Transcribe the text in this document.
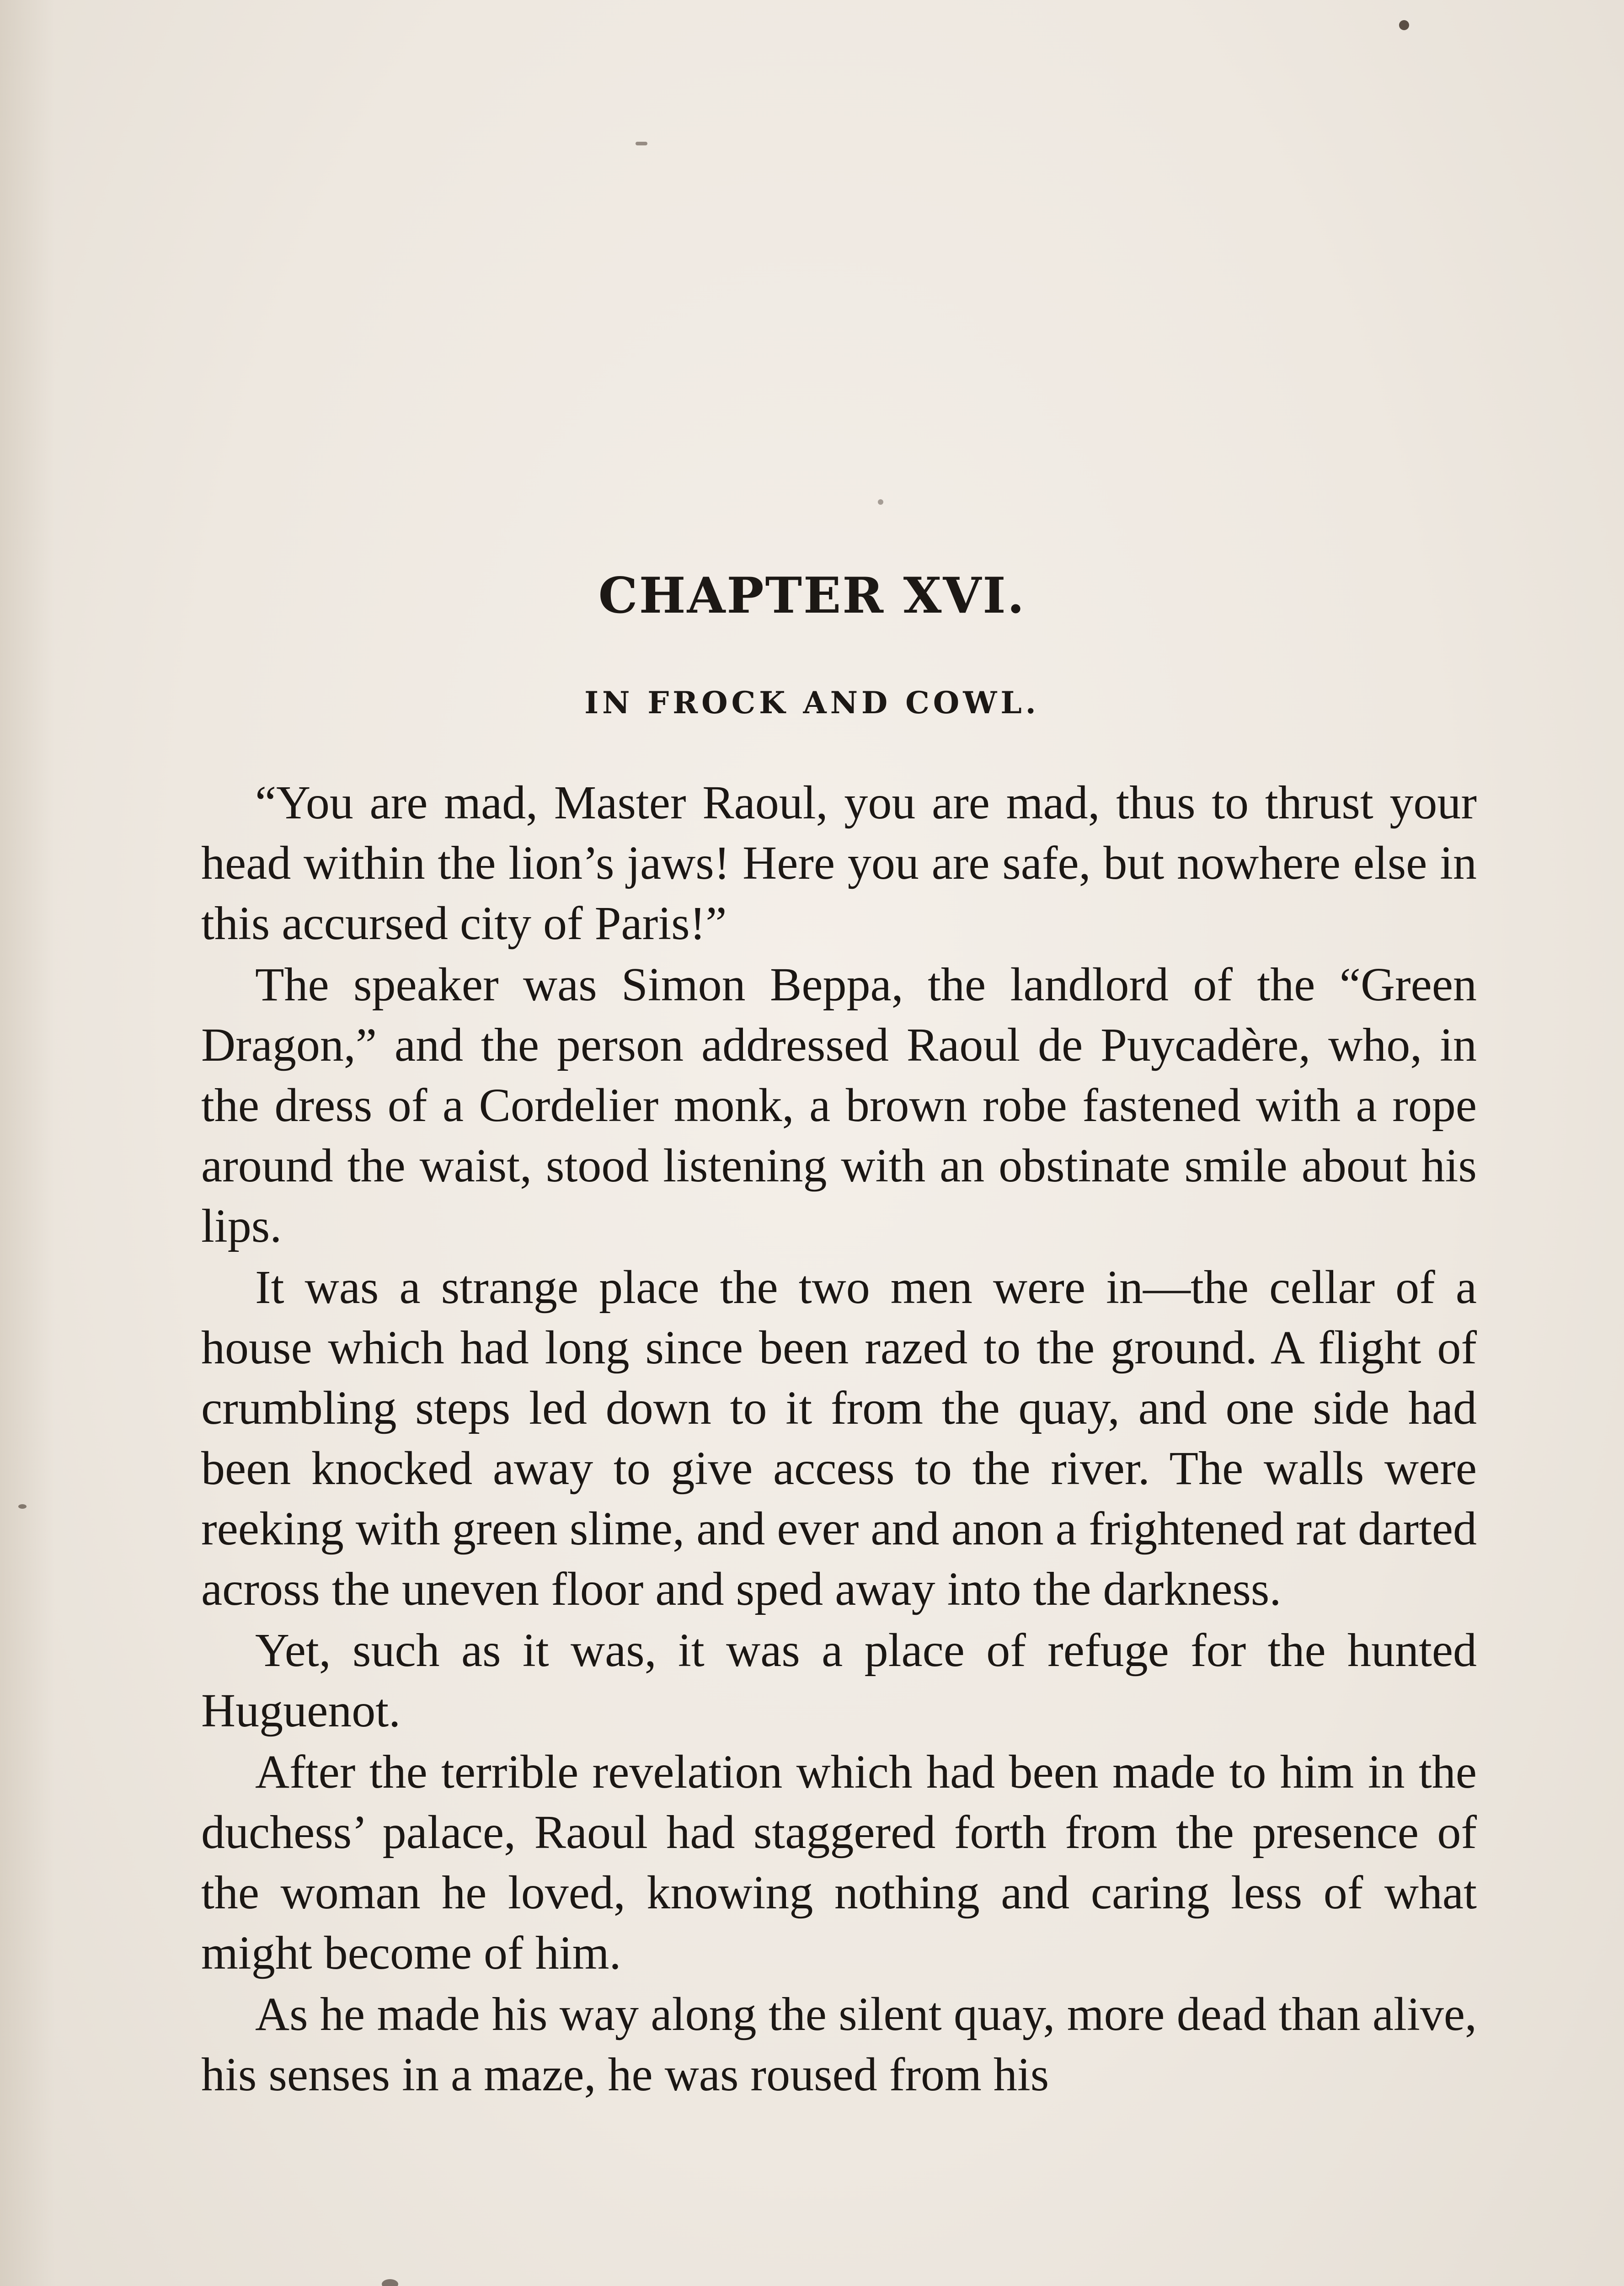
CHAPTER XVI.
IN FROCK AND COWL.

“You are mad, Master Raoul, you are mad, thus to thrust your head within the lion’s jaws! Here you are safe, but nowhere else in this accursed city of Paris!”

The speaker was Simon Beppa, the landlord of the “Green Dragon,” and the person addressed Raoul de Puycadère, who, in the dress of a Cordelier monk, a brown robe fastened with a rope around the waist, stood listening with an obstinate smile about his lips.

It was a strange place the two men were in—the cellar of a house which had long since been razed to the ground. A flight of crumbling steps led down to it from the quay, and one side had been knocked away to give access to the river. The walls were reeking with green slime, and ever and anon a frightened rat darted across the uneven floor and sped away into the darkness.

Yet, such as it was, it was a place of refuge for the hunted Huguenot.

After the terrible revelation which had been made to him in the duchess’ palace, Raoul had staggered forth from the presence of the woman he loved, knowing nothing and caring less of what might become of him.

As he made his way along the silent quay, more dead than alive, his senses in a maze, he was roused from his
